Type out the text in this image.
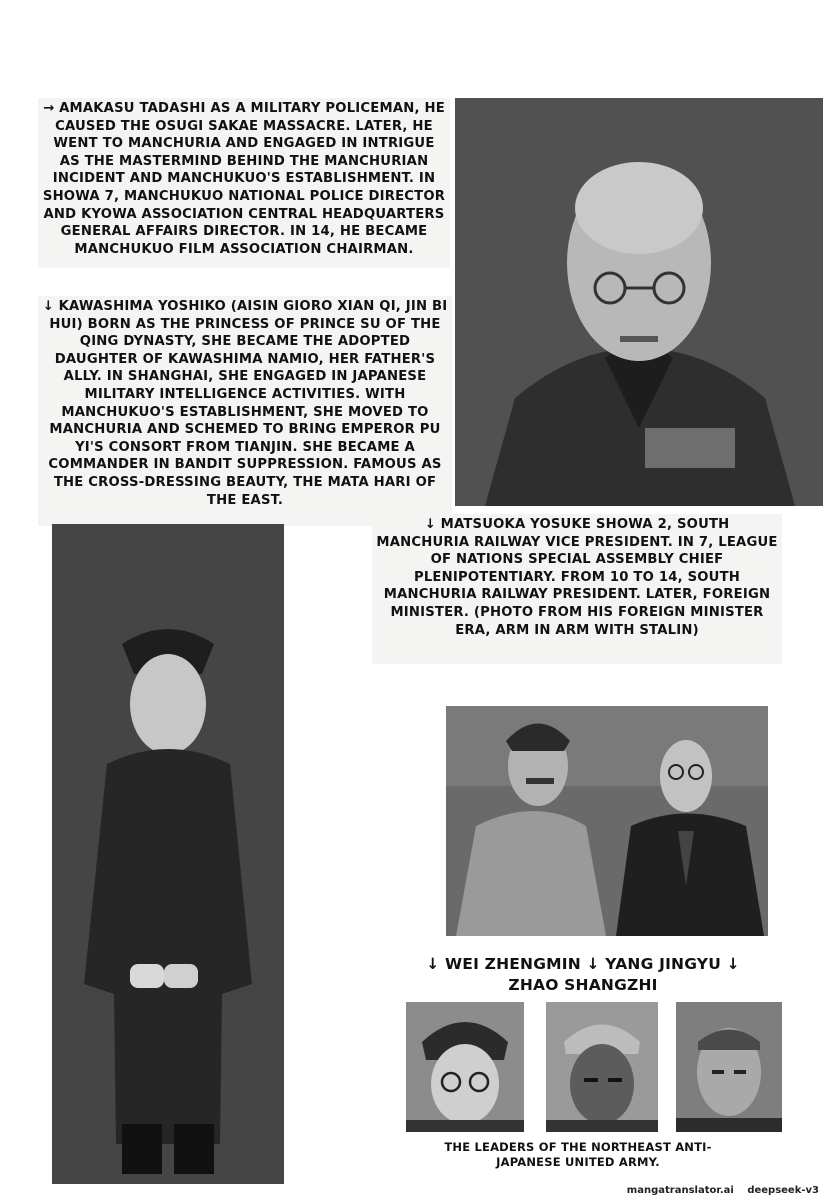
→ AMAKASU TADASHI AS A MILITARY POLICEMAN, HE CAUSED THE OSUGI SAKAE MASSACRE. LATER, HE WENT TO MANCHURIA AND ENGAGED IN INTRIGUE AS THE MASTERMIND BEHIND THE MANCHURIAN INCIDENT AND MANCHUKUO'S ESTABLISHMENT. IN SHOWA 7, MANCHUKUO NATIONAL POLICE DIRECTOR AND KYOWA ASSOCIATION CENTRAL HEADQUARTERS GENERAL AFFAIRS DIRECTOR. IN 14, HE BECAME MANCHUKUO FILM ASSOCIATION CHAIRMAN.
↓ KAWASHIMA YOSHIKO (AISIN GIORO XIAN QI, JIN BI HUI) BORN AS THE PRINCESS OF PRINCE SU OF THE QING DYNASTY, SHE BECAME THE ADOPTED DAUGHTER OF KAWASHIMA NAMIO, HER FATHER'S ALLY. IN SHANGHAI, SHE ENGAGED IN JAPANESE MILITARY INTELLIGENCE ACTIVITIES. WITH MANCHUKUO'S ESTABLISHMENT, SHE MOVED TO MANCHURIA AND SCHEMED TO BRING EMPEROR PU YI'S CONSORT FROM TIANJIN. SHE BECAME A COMMANDER IN BANDIT SUPPRESSION. FAMOUS AS THE CROSS-DRESSING BEAUTY, THE MATA HARI OF THE EAST.
↓ MATSUOKA YOSUKE SHOWA 2, SOUTH MANCHURIA RAILWAY VICE PRESIDENT. IN 7, LEAGUE OF NATIONS SPECIAL ASSEMBLY CHIEF PLENIPOTENTIARY. FROM 10 TO 14, SOUTH MANCHURIA RAILWAY PRESIDENT. LATER, FOREIGN MINISTER. (PHOTO FROM HIS FOREIGN MINISTER ERA, ARM IN ARM WITH STALIN)
↓ WEI ZHENGMIN ↓ YANG JINGYU ↓ ZHAO SHANGZHI
THE LEADERS OF THE NORTHEAST ANTI-JAPANESE UNITED ARMY.
mangatranslator.ai deepseek-v3
